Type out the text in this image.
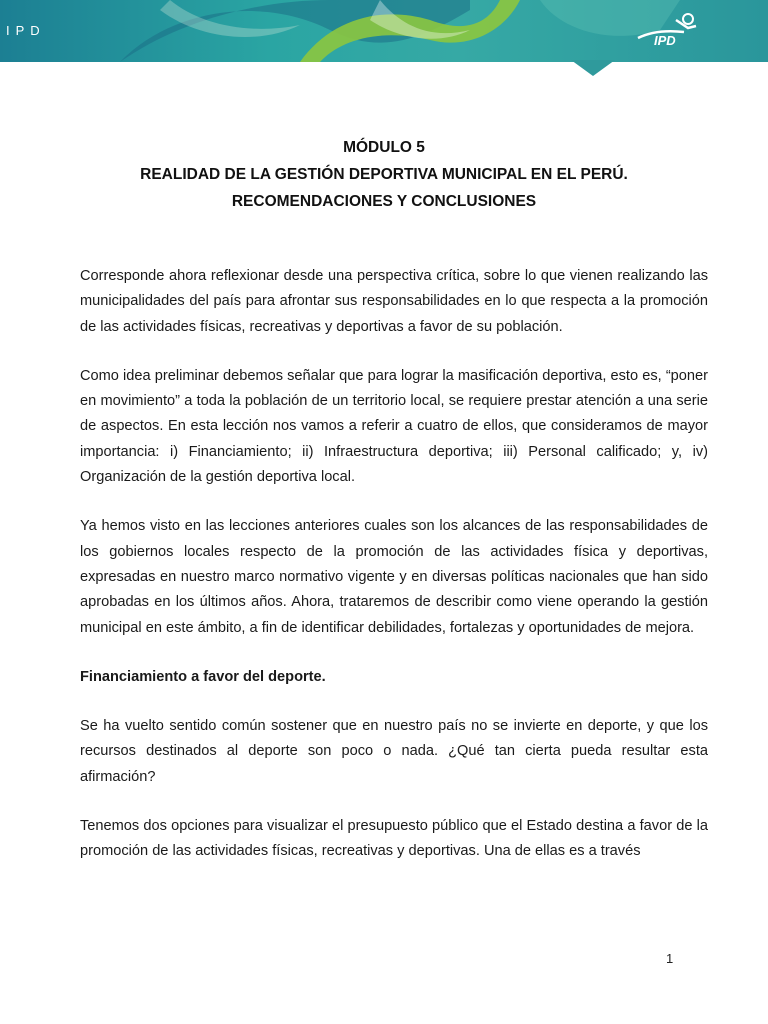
IPD
IPD
MÓDULO 5
REALIDAD DE LA GESTIÓN DEPORTIVA MUNICIPAL EN EL PERÚ.
RECOMENDACIONES Y CONCLUSIONES

Corresponde ahora reflexionar desde una perspectiva crítica, sobre lo que vienen realizando las municipalidades del país para afrontar sus responsabilidades en lo que respecta a la promoción de las actividades físicas, recreativas y deportivas a favor de su población.

Como idea preliminar debemos señalar que para lograr la masificación deportiva, esto es, “poner en movimiento” a toda la población de un territorio local, se requiere prestar atención a una serie de aspectos. En esta lección nos vamos a referir a cuatro de ellos, que consideramos de mayor importancia: i) Financiamiento; ii) Infraestructura deportiva; iii) Personal calificado; y, iv) Organización de la gestión deportiva local.

Ya hemos visto en las lecciones anteriores cuales son los alcances de las responsabilidades de los gobiernos locales respecto de la promoción de las actividades física y deportivas, expresadas en nuestro marco normativo vigente y en diversas políticas nacionales que han sido aprobadas en los últimos años. Ahora, trataremos de describir como viene operando la gestión municipal en este ámbito, a fin de identificar debilidades, fortalezas y oportunidades de mejora.

Financiamiento a favor del deporte.

Se ha vuelto sentido común sostener que en nuestro país no se invierte en deporte, y que los recursos destinados al deporte son poco o nada. ¿Qué tan cierta pueda resultar esta afirmación?

Tenemos dos opciones para visualizar el presupuesto público que el Estado destina a favor de la promoción de las actividades físicas, recreativas y deportivas. Una de ellas es a través

1
